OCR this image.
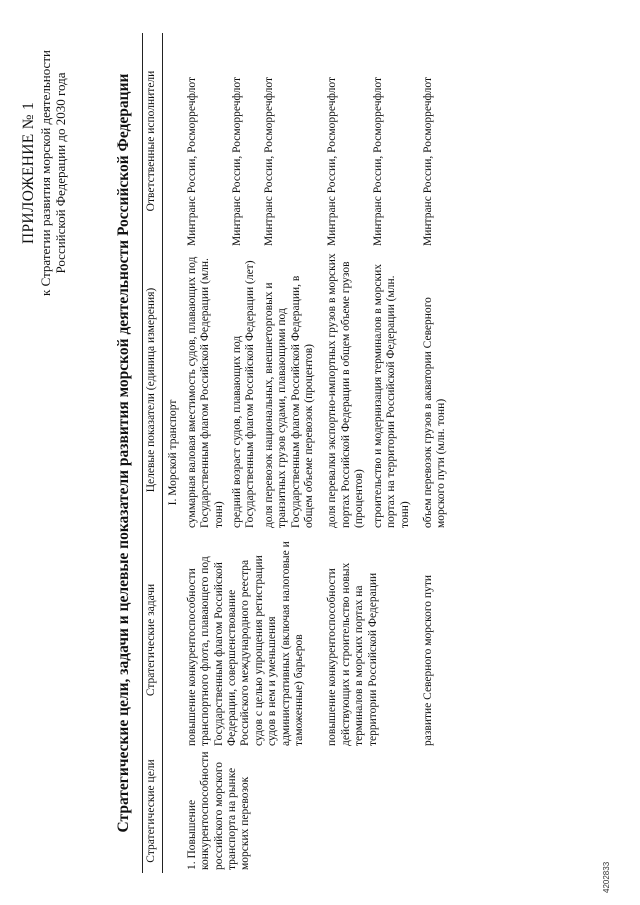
ПРИЛОЖЕНИЕ № 1 к Стратегии развития морской деятельности Российской Федерации до 2030 года	Стратегические цели, задачи и целевые показатели развития морской деятельности Российской Федерации Стратегические цели	Стратегические задачи	Целевые показатели (единица измерения)	Ответственные исполнители
I. Морской транспорт			
1. Повышение конкурентоспособности российского морского транспорта на рынке морских перевозок	повышение конкурентоспособности транспортного флота, плавающего под Государственным флагом Российской Федерации, совершенствование Российского международного реестра судов с целью упрощения регистрации судов в нем и уменьшения административных (включая налоговые и таможенные) барьеров	суммарная валовая вместимость судов, плавающих под Государственным флагом Российской Федерации (млн. тонн)	Минтранс России, Росморречфлот
		средний возраст судов, плавающих под Государственным флагом Российской Федерации (лет)	Минтранс России, Росморречфлот
		доля перевозок национальных, внешнеторговых и транзитных грузов судами, плавающими под Государственным флагом Российской Федерации, в общем объеме перевозок (процентов)	Минтранс России, Росморречфлот
	повышение конкурентоспособности действующих и строительство новых терминалов в морских портах на территории Российской Федерации	доля перевалки экспортно-импортных грузов в морских портах Российской Федерации в общем объеме грузов (процентов)	Минтранс России, Росморречфлот
		строительство и модернизация терминалов в морских портах на территории Российской Федерации (млн. тонн)	Минтранс России, Росморречфлот
	развитие Северного морского пути	объем перевозок грузов в акватории Северного морского пути (млн. тонн)	Минтранс России, Росморречфлот
4202833
